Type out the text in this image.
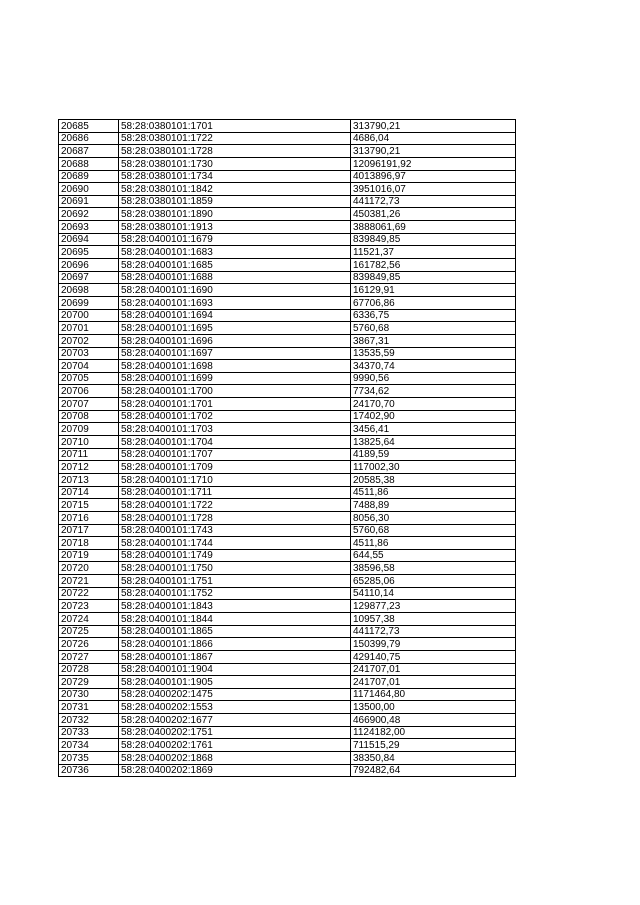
20685	58:28:0380101:1701	313790,21
20686	58:28:0380101:1722	4686,04
20687	58:28:0380101:1728	313790,21
20688	58:28:0380101:1730	12096191,92
20689	58:28:0380101:1734	4013896,97
20690	58:28:0380101:1842	3951016,07
20691	58:28:0380101:1859	441172,73
20692	58:28:0380101:1890	450381,26
20693	58:28:0380101:1913	3888061,69
20694	58:28:0400101:1679	839849,85
20695	58:28:0400101:1683	11521,37
20696	58:28:0400101:1685	161782,56
20697	58:28:0400101:1688	839849,85
20698	58:28:0400101:1690	16129,91
20699	58:28:0400101:1693	67706,86
20700	58:28:0400101:1694	6336,75
20701	58:28:0400101:1695	5760,68
20702	58:28:0400101:1696	3867,31
20703	58:28:0400101:1697	13535,59
20704	58:28:0400101:1698	34370,74
20705	58:28:0400101:1699	9990,56
20706	58:28:0400101:1700	7734,62
20707	58:28:0400101:1701	24170,70
20708	58:28:0400101:1702	17402,90
20709	58:28:0400101:1703	3456,41
20710	58:28:0400101:1704	13825,64
20711	58:28:0400101:1707	4189,59
20712	58:28:0400101:1709	117002,30
20713	58:28:0400101:1710	20585,38
20714	58:28:0400101:1711	4511,86
20715	58:28:0400101:1722	7488,89
20716	58:28:0400101:1728	8056,30
20717	58:28:0400101:1743	5760,68
20718	58:28:0400101:1744	4511,86
20719	58:28:0400101:1749	644,55
20720	58:28:0400101:1750	38596,58
20721	58:28:0400101:1751	65285,06
20722	58:28:0400101:1752	54110,14
20723	58:28:0400101:1843	129877,23
20724	58:28:0400101:1844	10957,38
20725	58:28:0400101:1865	441172,73
20726	58:28:0400101:1866	150399,79
20727	58:28:0400101:1867	429140,75
20728	58:28:0400101:1904	241707,01
20729	58:28:0400101:1905	241707,01
20730	58:28:0400202:1475	1171464,80
20731	58:28:0400202:1553	13500,00
20732	58:28:0400202:1677	466900,48
20733	58:28:0400202:1751	1124182,00
20734	58:28:0400202:1761	711515,29
20735	58:28:0400202:1868	38350,84
20736	58:28:0400202:1869	792482,64
